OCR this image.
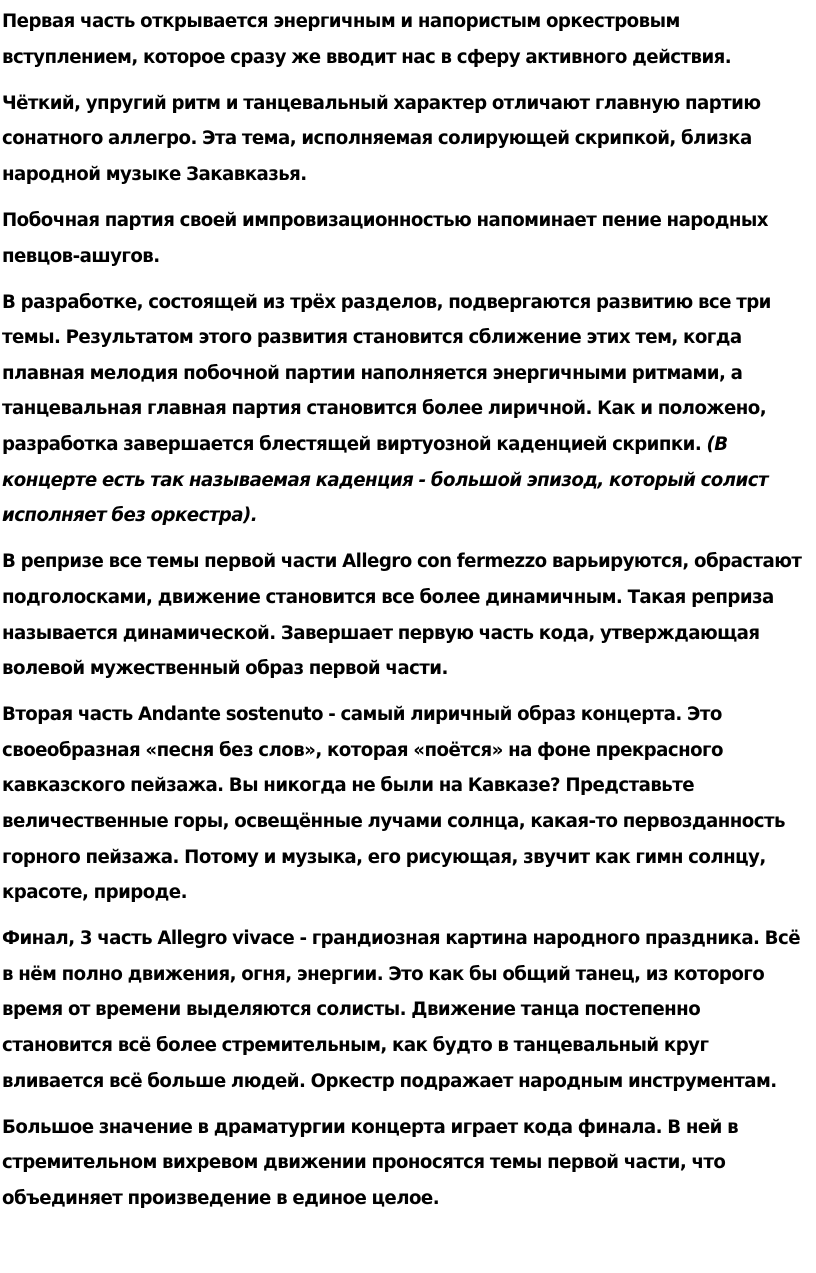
Первая часть открывается энергичным и напористым оркестровым вступлением, которое сразу же вводит нас в сферу активного действия.

Чёткий, упругий ритм и танцевальный характер отличают главную партию сонатного аллегро. Эта тема, исполняемая солирующей скрипкой, близка народной музыке Закавказья.

Побочная партия своей импровизационностью напоминает пение народных певцов-ашугов.

В разработке, состоящей из трёх разделов, подвергаются развитию все три темы. Результатом этого развития становится сближение этих тем, когда плавная мелодия побочной партии наполняется энергичными ритмами, а танцевальная главная партия становится более лиричной. Как и положено, разработка завершается блестящей виртуозной каденцией скрипки. (В концерте есть так называемая каденция - большой эпизод, который солист исполняет без оркестра).

В репризе все темы первой части Allegro con fermezzo варьируются, обрастают подголосками, движение становится все более динамичным. Такая реприза называется динамической. Завершает первую часть кода, утверждающая волевой мужественный образ первой части.

Вторая часть Andante sostenuto - самый лиричный образ концерта. Это своеобразная «песня без слов», которая «поётся» на фоне прекрасного кавказского пейзажа. Вы никогда не были на Кавказе? Представьте величественные горы, освещённые лучами солнца, какая-то первозданность горного пейзажа. Потому и музыка, его рисующая, звучит как гимн солнцу, красоте, природе.

Финал, 3 часть Allegro vivace - грандиозная картина народного праздника. Всё в нём полно движения, огня, энергии. Это как бы общий танец, из которого время от времени выделяются солисты. Движение танца постепенно становится всё более стремительным, как будто в танцевальный круг вливается всё больше людей. Оркестр подражает народным инструментам.

Большое значение в драматургии концерта играет кода финала. В ней в стремительном вихревом движении проносятся темы первой части, что объединяет произведение в единое целое.
